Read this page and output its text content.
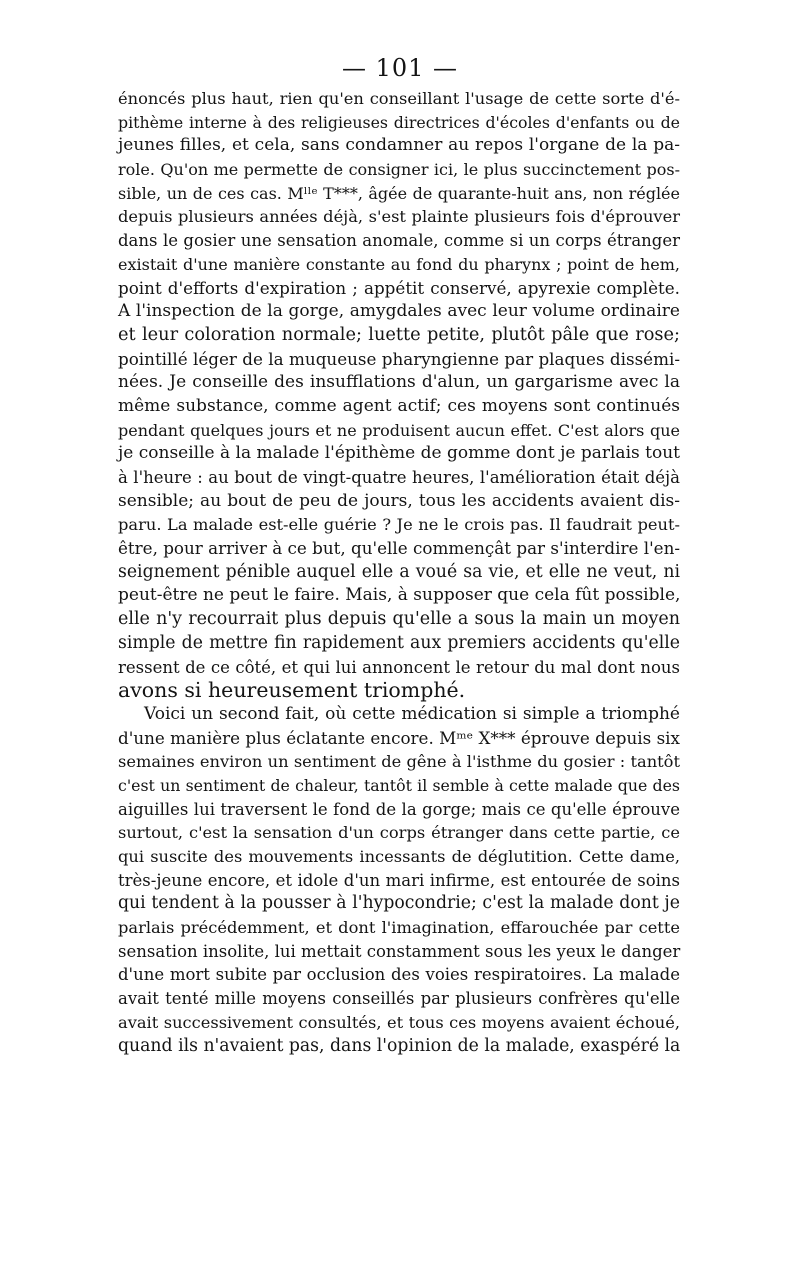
— 101 —
énoncés plus haut, rien qu'en conseillant l'usage de cette sorte d'é-
pithème interne à des religieuses directrices d'écoles d'enfants ou de
jeunes filles, et cela, sans condamner au repos l'organe de la pa-
role. Qu'on me permette de consigner ici, le plus succinctement pos-
sible, un de ces cas. Mˡˡᵉ T***, âgée de quarante-huit ans, non réglée
depuis plusieurs années déjà, s'est plainte plusieurs fois d'éprouver
dans le gosier une sensation anomale, comme si un corps étranger
existait d'une manière constante au fond du pharynx ; point de hem,
point d'efforts d'expiration ; appétit conservé, apyrexie complète.
A l'inspection de la gorge, amygdales avec leur volume ordinaire
et leur coloration normale; luette petite, plutôt pâle que rose;
pointillé léger de la muqueuse pharyngienne par plaques dissémi-
nées. Je conseille des insufflations d'alun, un gargarisme avec la
même substance, comme agent actif; ces moyens sont continués
pendant quelques jours et ne produisent aucun effet. C'est alors que
je conseille à la malade l'épithème de gomme dont je parlais tout
à l'heure : au bout de vingt-quatre heures, l'amélioration était déjà
sensible; au bout de peu de jours, tous les accidents avaient dis-
paru. La malade est-elle guérie ? Je ne le crois pas. Il faudrait peut-
être, pour arriver à ce but, qu'elle commençât par s'interdire l'en-
seignement pénible auquel elle a voué sa vie, et elle ne veut, ni
peut-être ne peut le faire. Mais, à supposer que cela fût possible,
elle n'y recourrait plus depuis qu'elle a sous la main un moyen
simple de mettre fin rapidement aux premiers accidents qu'elle
ressent de ce côté, et qui lui annoncent le retour du mal dont nous
avons si heureusement triomphé.
Voici un second fait, où cette médication si simple a triomphé
d'une manière plus éclatante encore. Mᵐᵉ X*** éprouve depuis six
semaines environ un sentiment de gêne à l'isthme du gosier : tantôt
c'est un sentiment de chaleur, tantôt il semble à cette malade que des
aiguilles lui traversent le fond de la gorge; mais ce qu'elle éprouve
surtout, c'est la sensation d'un corps étranger dans cette partie, ce
qui suscite des mouvements incessants de déglutition. Cette dame,
très-jeune encore, et idole d'un mari infirme, est entourée de soins
qui tendent à la pousser à l'hypocondrie; c'est la malade dont je
parlais précédemment, et dont l'imagination, effarouchée par cette
sensation insolite, lui mettait constamment sous les yeux le danger
d'une mort subite par occlusion des voies respiratoires. La malade
avait tenté mille moyens conseillés par plusieurs confrères qu'elle
avait successivement consultés, et tous ces moyens avaient échoué,
quand ils n'avaient pas, dans l'opinion de la malade, exaspéré la
